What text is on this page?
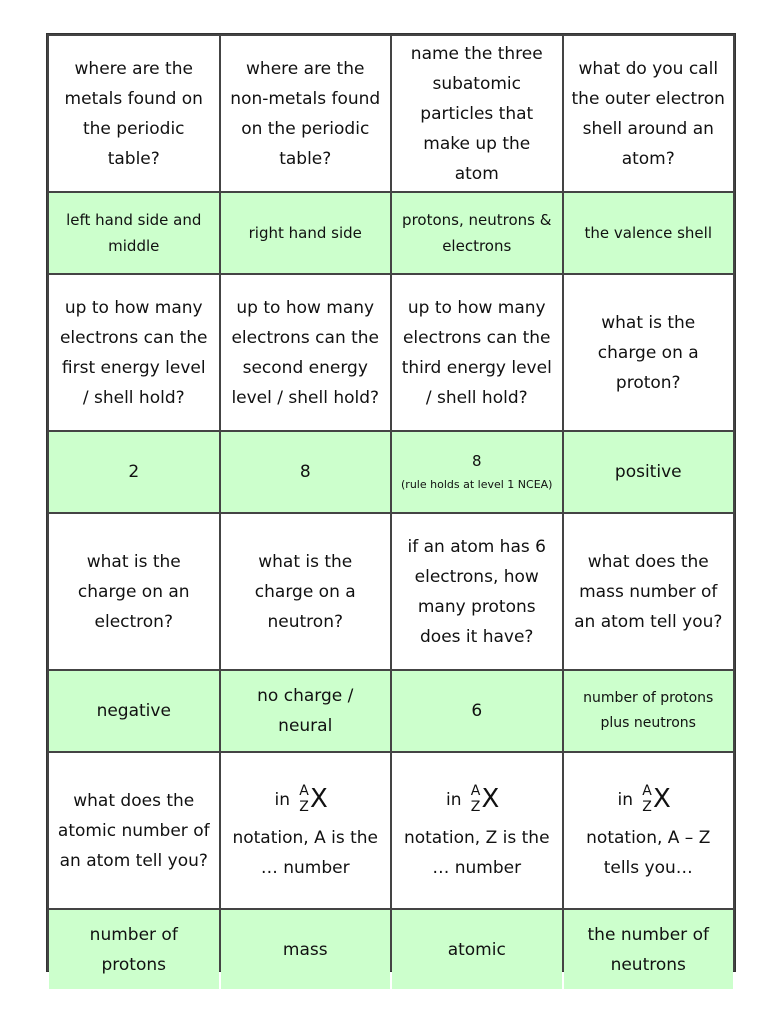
where are the metals found on the periodic table?
where are the non-metals found on the periodic table?
name the three subatomic particles that make up the atom
what do you call the outer electron shell around an atom?
left hand side and middle
right hand side
protons, neutrons & electrons
the valence shell
up to how many electrons can the first energy level / shell hold?
up to how many electrons can the second energy level / shell hold?
up to how many electrons can the third energy level / shell hold?
what is the charge on a proton?
2	8
8
(rule holds at level 1 NCEA)
positive
what is the charge on an electron?
what is the charge on a neutron?
if an atom has 6 electrons, how many protons does it have?
what does the mass number of an atom tell you?
negative
no charge / neural
6
number of protons plus neutrons
what does the atomic number of an atom tell you?
in A
Z X
notation, A is the … number
in A
Z X
notation, Z is the … number
in A
Z X
notation, A – Z tells you…
number of protons
mass	atomic
the number of neutrons
